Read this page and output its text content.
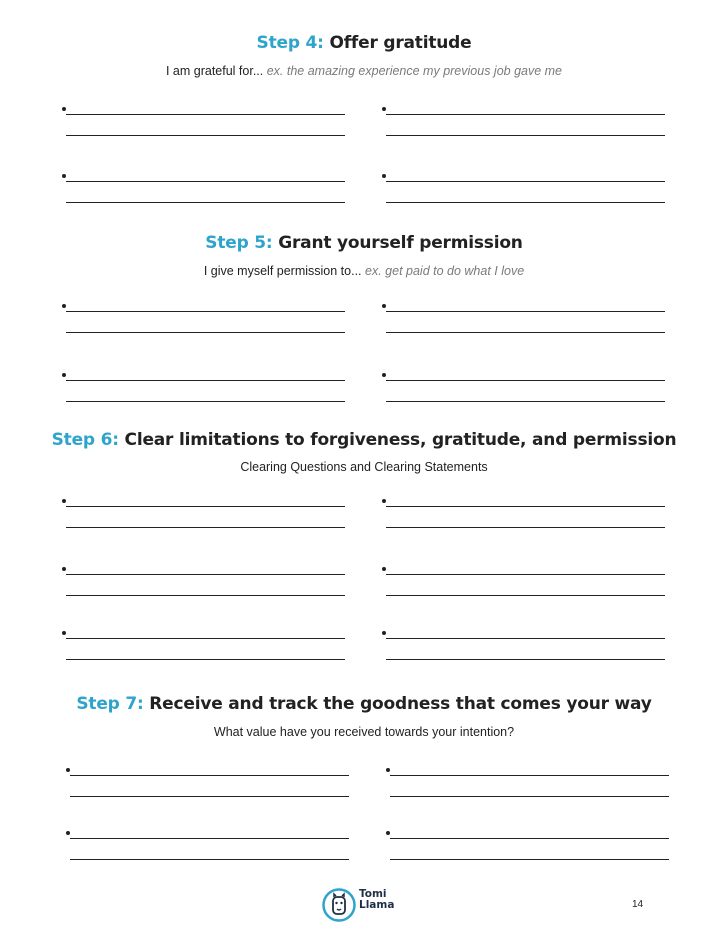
Step 4: Offer gratitude
I am grateful for... ex. the amazing experience my previous job gave me
Step 5: Grant yourself permission
I give myself permission to... ex. get paid to do what I love
Step 6: Clear limitations to forgiveness, gratitude, and permission
Clearing Questions and Clearing Statements
Step 7: Receive and track the goodness that comes your way
What value have you received towards your intention?
Tomi
Llama	14
